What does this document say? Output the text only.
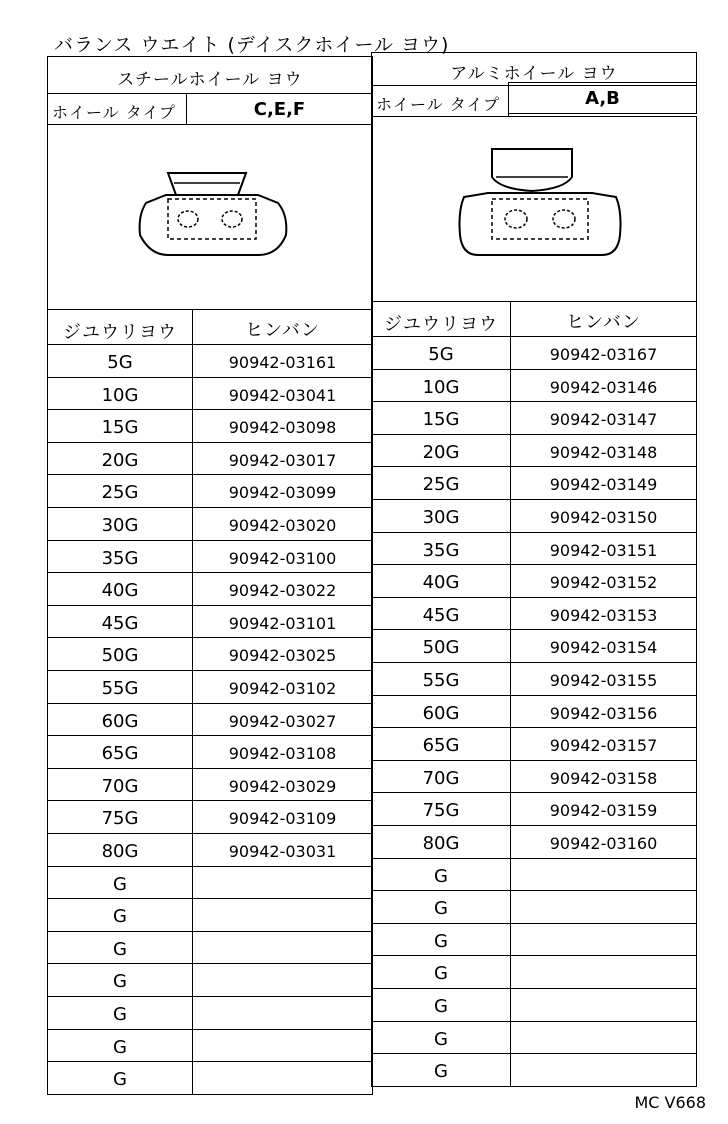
バランス ウエイト (デイスクホイール ヨウ)
スチールホイール ヨウ
ホイール タイプ	C,E,F
ジユウリヨウ	ヒンバン
5G	90942-03161
10G	90942-03041
15G	90942-03098
20G	90942-03017
25G	90942-03099
30G	90942-03020
35G	90942-03100
40G	90942-03022
45G	90942-03101
50G	90942-03025
55G	90942-03102
60G	90942-03027
65G	90942-03108
70G	90942-03029
75G	90942-03109
80G	90942-03031
G
G
G
G
G
G
G
アルミホイール ヨウ
ホイール タイプ	A,B
ジユウリヨウ	ヒンバン
5G	90942-03167
10G	90942-03146
15G	90942-03147
20G	90942-03148
25G	90942-03149
30G	90942-03150
35G	90942-03151
40G	90942-03152
45G	90942-03153
50G	90942-03154
55G	90942-03155
60G	90942-03156
65G	90942-03157
70G	90942-03158
75G	90942-03159
80G	90942-03160
G
G
G
G
G
G
G
MC V668
